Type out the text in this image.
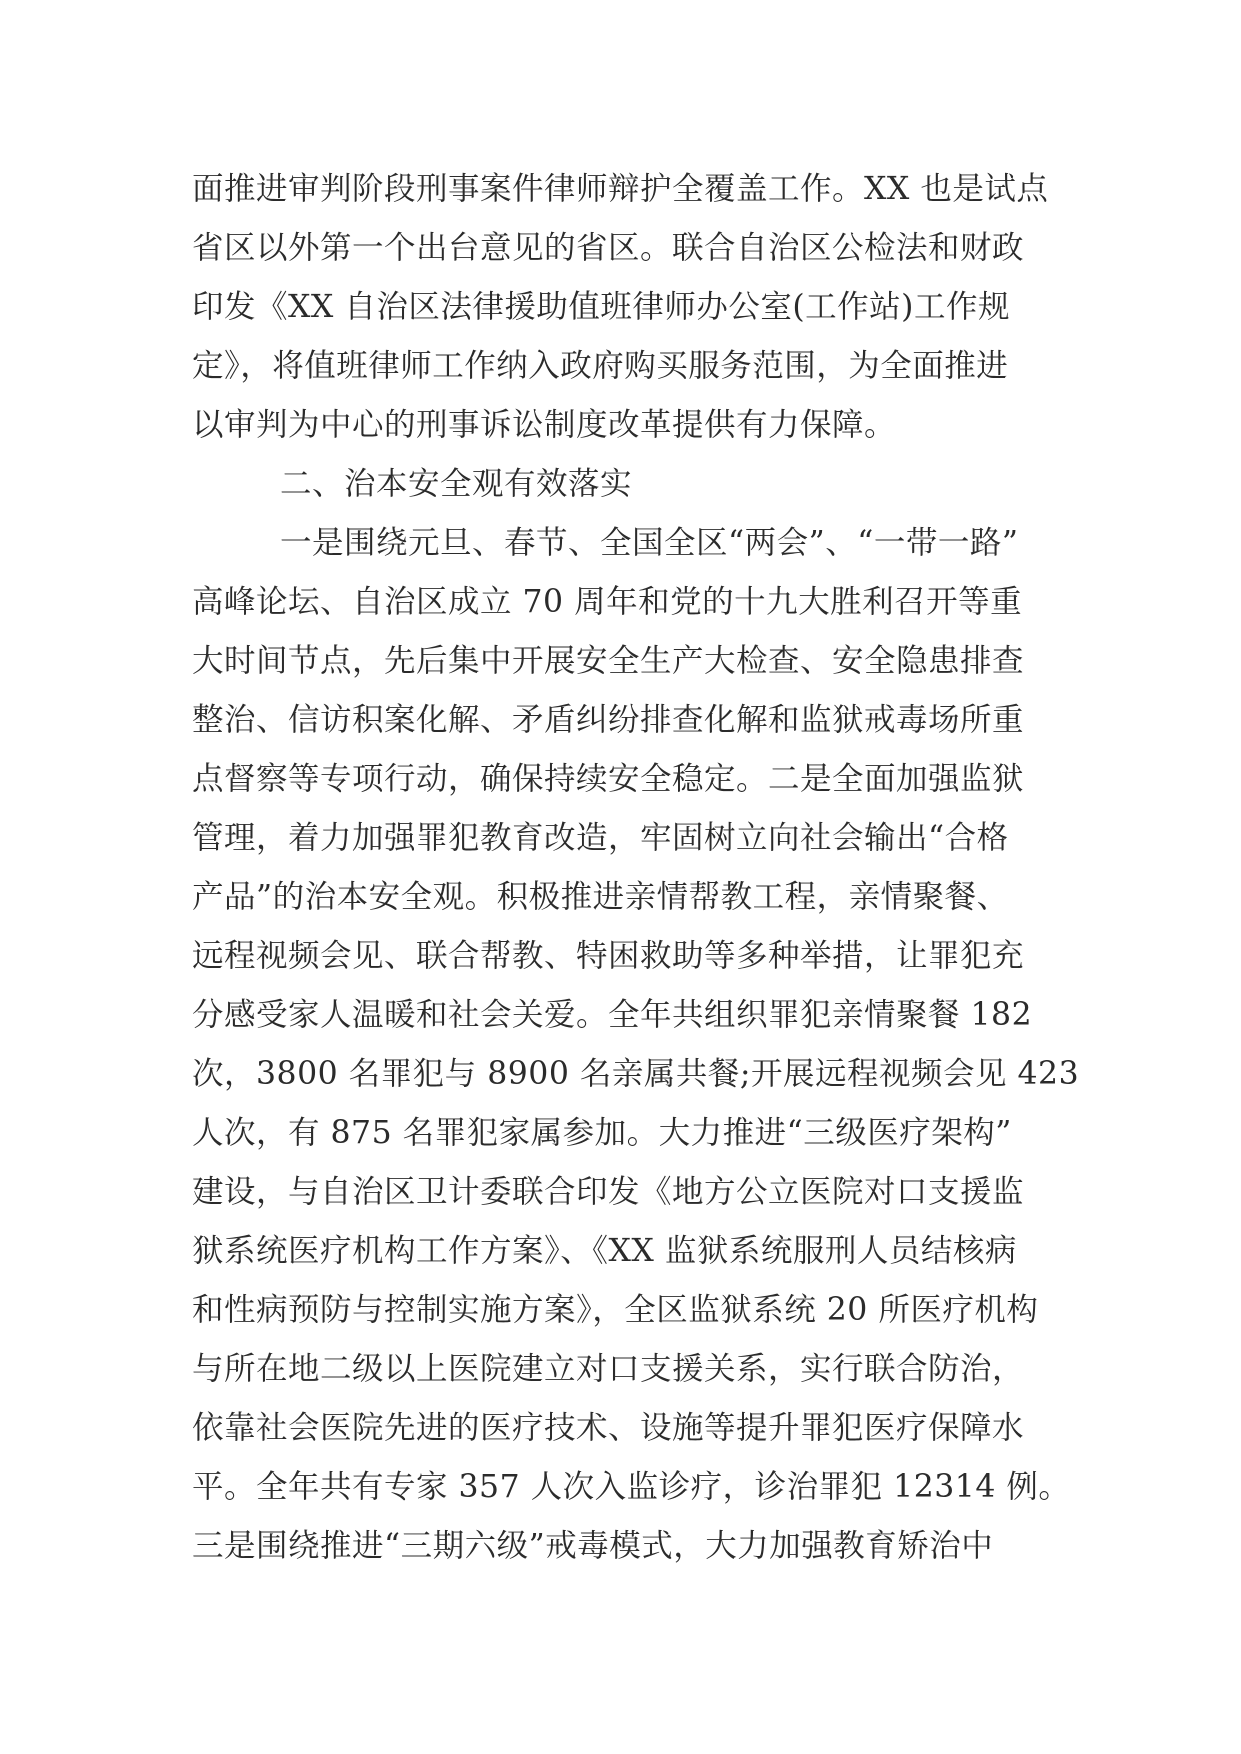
面推进审判阶段刑事案件律师辩护全覆盖工作。XX 也是试点
省区以外第一个出台意见的省区。联合自治区公检法和财政
印发《XX 自治区法律援助值班律师办公室(工作站)工作规
定》，将值班律师工作纳入政府购买服务范围，为全面推进
以审判为中心的刑事诉讼制度改革提供有力保障。
二、治本安全观有效落实
一是围绕元旦、春节、全国全区“两会”、“一带一路”
高峰论坛、自治区成立 70 周年和党的十九大胜利召开等重
大时间节点，先后集中开展安全生产大检查、安全隐患排查
整治、信访积案化解、矛盾纠纷排查化解和监狱戒毒场所重
点督察等专项行动，确保持续安全稳定。二是全面加强监狱
管理，着力加强罪犯教育改造，牢固树立向社会输出“合格
产品”的治本安全观。积极推进亲情帮教工程，亲情聚餐、
远程视频会见、联合帮教、特困救助等多种举措，让罪犯充
分感受家人温暖和社会关爱。全年共组织罪犯亲情聚餐 182
次，3800 名罪犯与 8900 名亲属共餐;开展远程视频会见 423
人次，有 875 名罪犯家属参加。大力推进“三级医疗架构”
建设，与自治区卫计委联合印发《地方公立医院对口支援监
狱系统医疗机构工作方案》、《XX 监狱系统服刑人员结核病
和性病预防与控制实施方案》，全区监狱系统 20 所医疗机构
与所在地二级以上医院建立对口支援关系，实行联合防治，
依靠社会医院先进的医疗技术、设施等提升罪犯医疗保障水
平。全年共有专家 357 人次入监诊疗，诊治罪犯 12314 例。
三是围绕推进“三期六级”戒毒模式，大力加强教育矫治中
